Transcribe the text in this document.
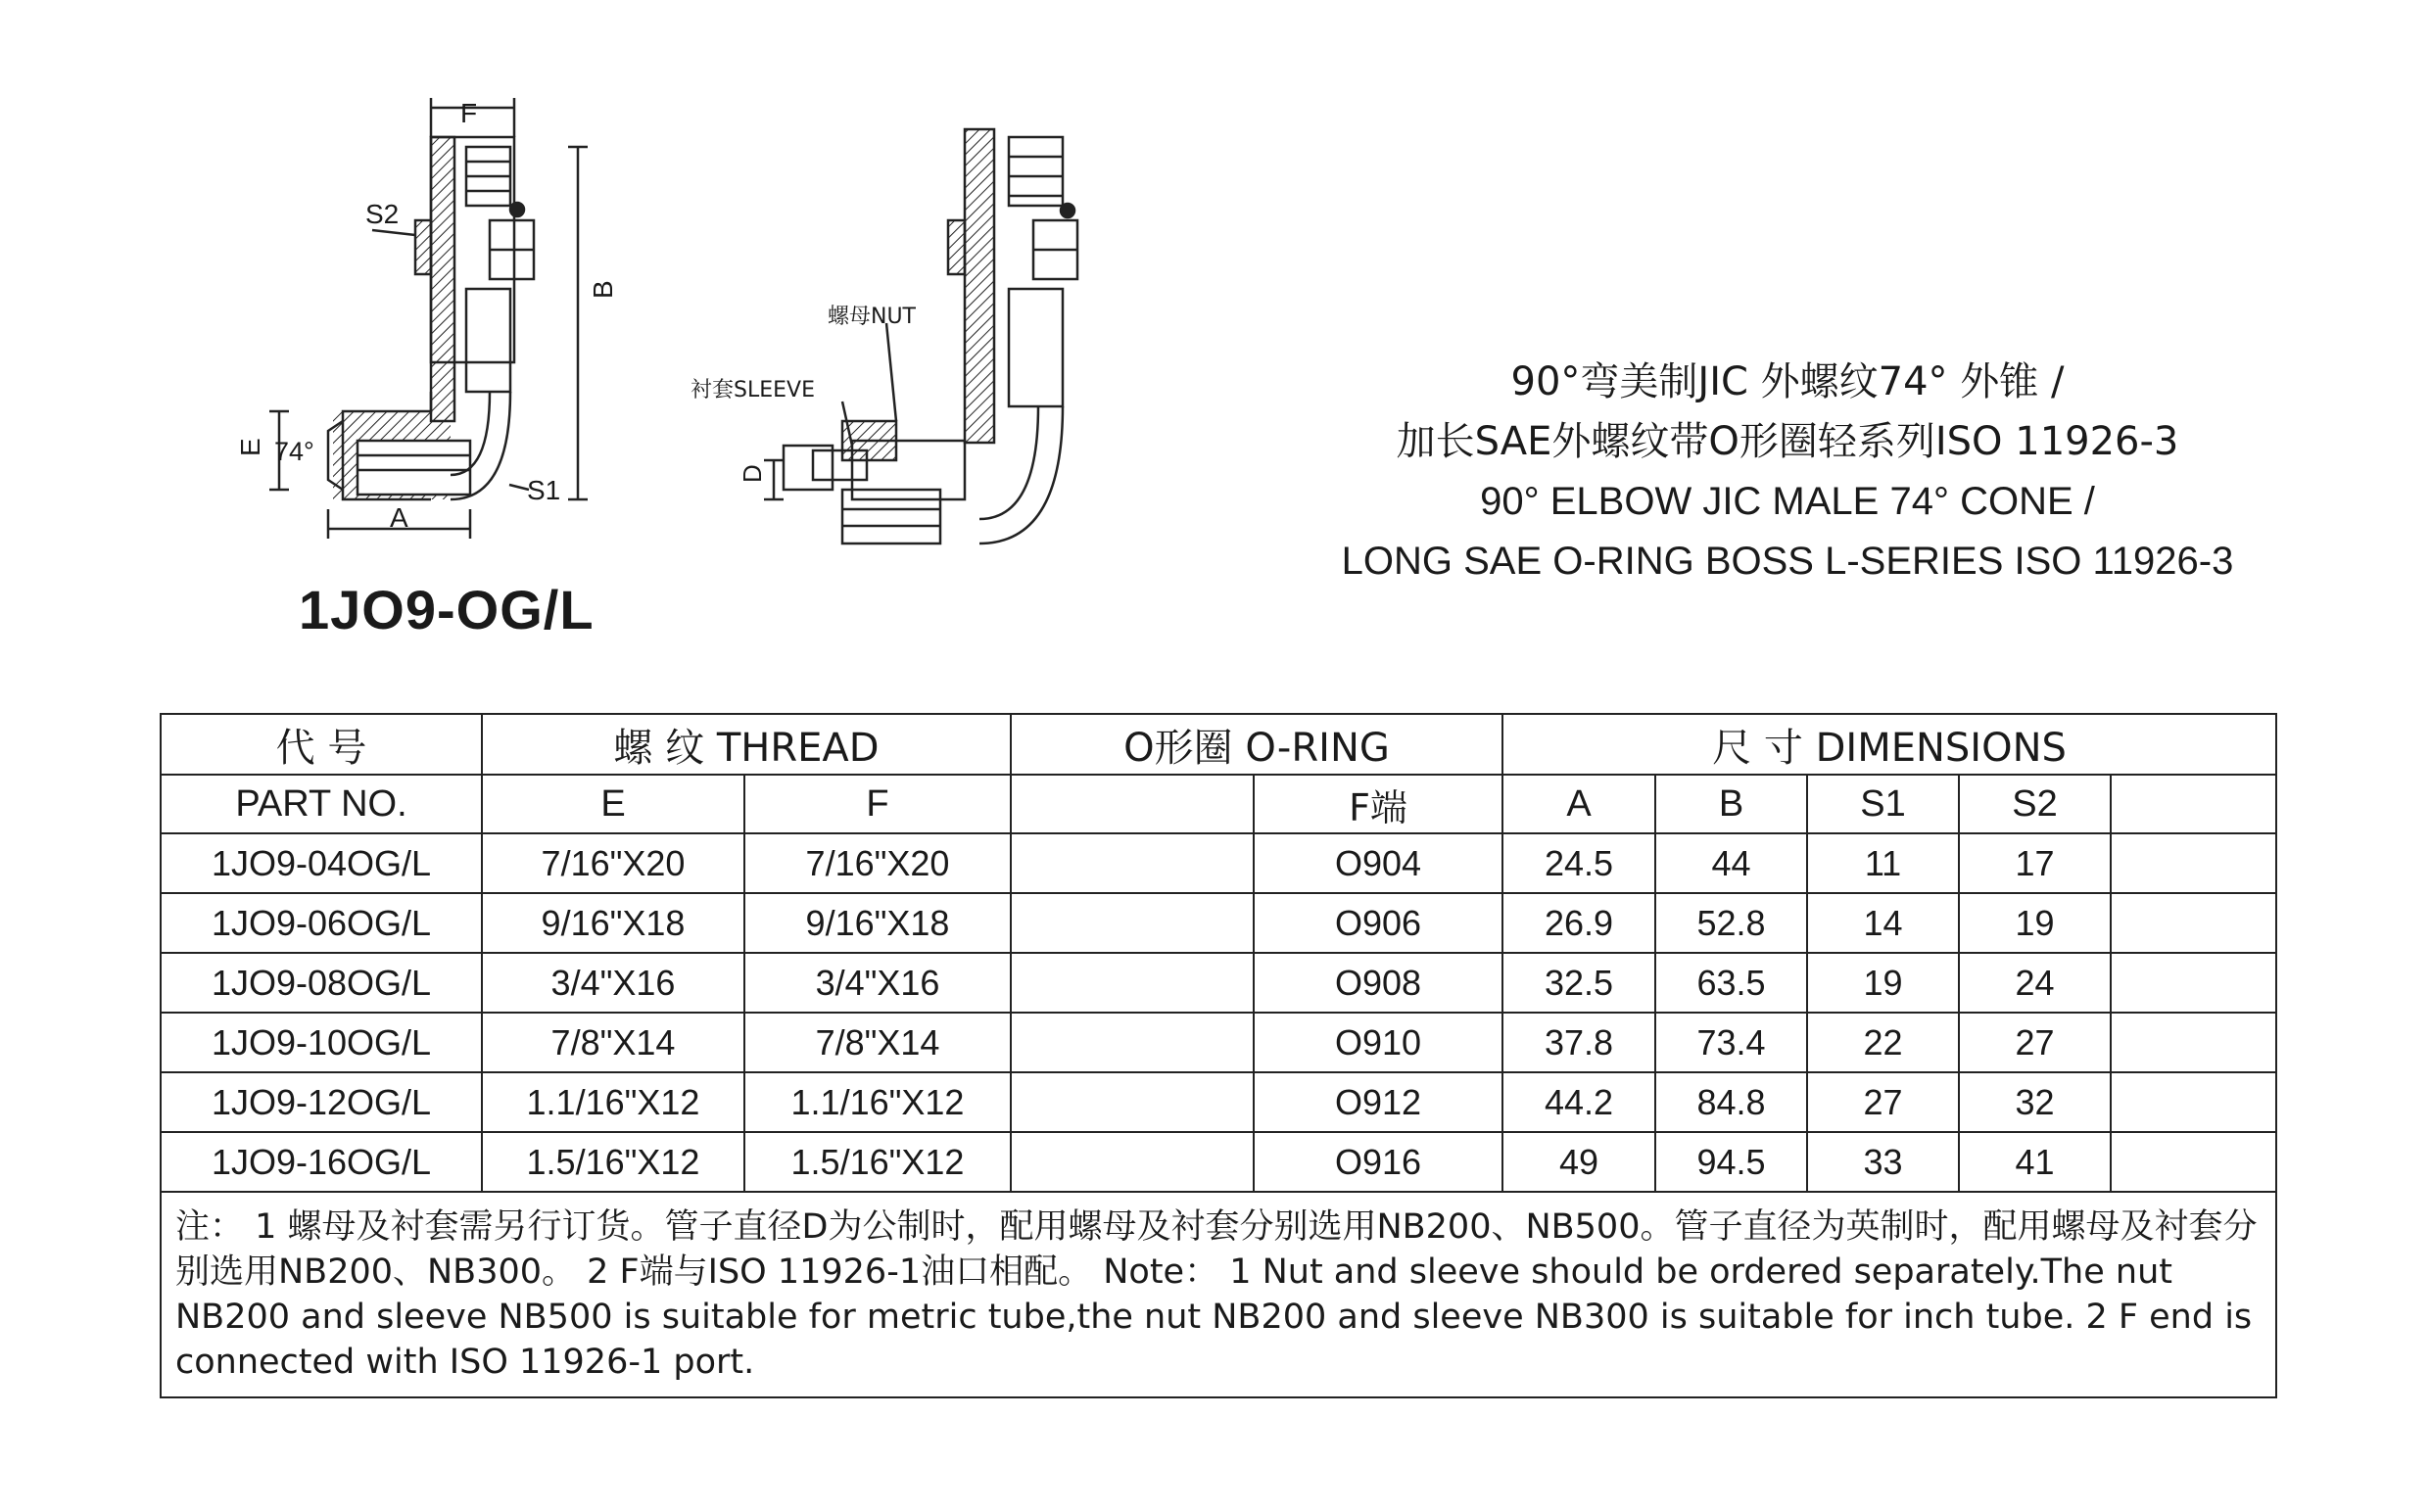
F
S2
B
E 74°
A
S1
螺母NUT
衬套SLEEVE
D
1JO9-OG/L
90°弯美制JIC 外螺纹74° 外锥 /
加长SAE外螺纹带O形圈轻系列ISO 11926-3
90° ELBOW JIC MALE 74° CONE /
LONG SAE O-RING BOSS L-SERIES ISO 11926-3
代 号	螺 纹 THREAD		O形圈 O-RING		尺 寸 DIMENSIONS				
PART NO.	E	F		F端	A	B	S1	S2	
1JO9-04OG/L	7/16"X20	7/16"X20		O904	24.5	44	11	17	
1JO9-06OG/L	9/16"X18	9/16"X18		O906	26.9	52.8	14	19	
1JO9-08OG/L	3/4"X16	3/4"X16		O908	32.5	63.5	19	24	
1JO9-10OG/L	7/8"X14	7/8"X14		O910	37.8	73.4	22	27	
1JO9-12OG/L	1.1/16"X12	1.1/16"X12		O912	44.2	84.8	27	32	
1JO9-16OG/L	1.5/16"X12	1.5/16"X12		O916	49	94.5	33	41	
注： 1 螺母及衬套需另行订货。管子直径D为公制时，配用螺母及衬套分别选用NB200、NB500。管子直径为英制时，配用螺母及衬套分别选用NB200、NB300。 2 F端与ISO 11926-1油口相配。 Note： 1 Nut and sleeve should be ordered separately.The nut NB200 and sleeve NB500 is suitable for metric tube,the nut NB200 and sleeve NB300 is suitable for inch tube. 2 F end is connected with ISO 11926-1 port.									
